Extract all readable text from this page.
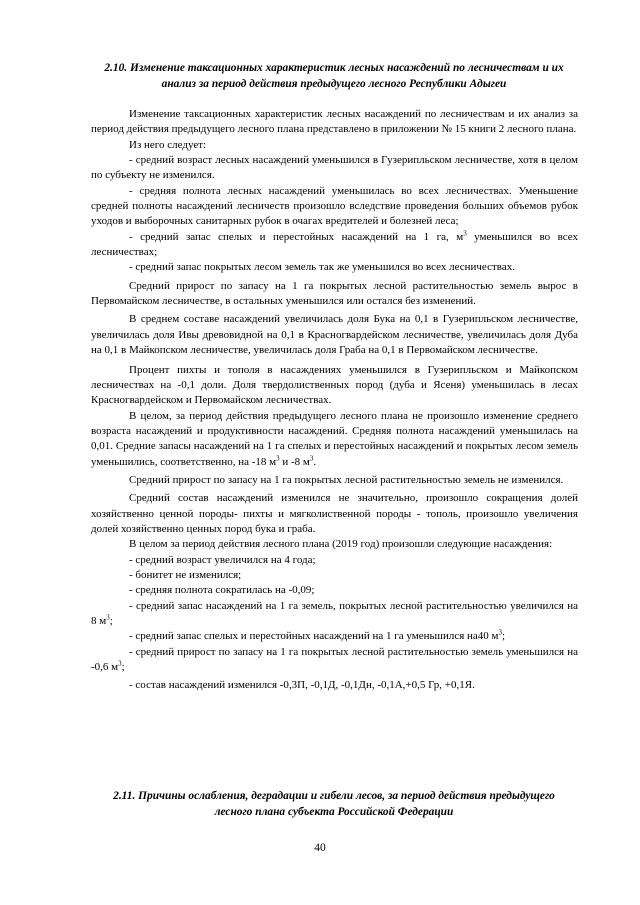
2.10. Изменение таксационных характеристик лесных насаждений по лесничествам и их анализ за период действия предыдущего лесного Республики Адыгеи

Изменение таксационных характеристик лесных насаждений по лесничествам и их анализ за период действия предыдущего лесного плана представлено в приложении № 15 книги 2 лесного плана.

Из него следует:

- средний возраст лесных насаждений уменьшился в Гузерипльском лесничестве, хотя в целом по субъекту не изменился.

- средняя полнота лесных насаждений уменьшилась во всех лесничествах. Уменьшение средней полноты насаждений лесничеств произошло вследствие проведения больших объемов рубок уходов и выборочных санитарных рубок в очагах вредителей и болезней леса;

- средний запас спелых и перестойных насаждений на 1 га, $м^3$ уменьшился во всех лесничествах;

- средний запас покрытых лесом земель так же уменьшился во всех лесничествах.

Средний прирост по запасу на 1 га покрытых лесной растительностью земель вырос в Первомайском лесничестве, в остальных уменьшился или остался без изменений.

В среднем составе насаждений увеличилась доля Бука на 0,1 в Гузерипльском лесничестве, увеличилась доля Ивы древовидной на 0,1 в Красногвардейском лесничестве, увеличилась доля Дуба на 0,1 в Майкопском лесничестве, увеличилась доля Граба на 0,1 в Первомайском лесничестве.

Процент пихты и тополя в насаждениях уменьшился в Гузерипльском и Майкопском лесничествах на -0,1 доли. Доля твердолиственных пород (дуба и Ясеня) уменьшилась в лесах Красногвардейском и Первомайском лесничествах.

В целом, за период действия предыдущего лесного плана не произошло изменение среднего возраста насаждений и продуктивности насаждений. Средняя полнота насаждений уменьшилась на 0,01. Средние запасы насаждений на 1 га спелых и перестойных насаждений и покрытых лесом земель уменьшились, соответственно, на -18 $м^3$ и -8 $м^3$.

Средний прирост по запасу на 1 га покрытых лесной растительностью земель не изменился.

Средний состав насаждений изменился не значительно, произошло сокращения долей хозяйственно ценной породы- пихты и мягколиственной породы - тополь, произошло увеличения долей хозяйственно ценных пород бука и граба.

В целом за период действия лесного плана (2019 год) произошли следующие насаждения:

- средний возраст увеличился на 4 года;

- бонитет не изменился;

- средняя полнота сократилась на -0,09;

- средний запас насаждений на 1 га земель, покрытых лесной растительностью увеличился на 8 $м^3$;

- средний запас спелых и перестойных насаждений на 1 га уменьшился на40 $м^3$;

- средний прирост по запасу на 1 га покрытых лесной растительностью земель уменьшился на -0,6 $м^3$;

- состав насаждений изменился -0,3П, -0,1Д, -0,1Дн, -0,1А,+0,5 Гр, +0,1Я.

2.11. Причины ослабления, деградации и гибели лесов, за период действия предыдущего лесного плана субъекта Российской Федерации
40
